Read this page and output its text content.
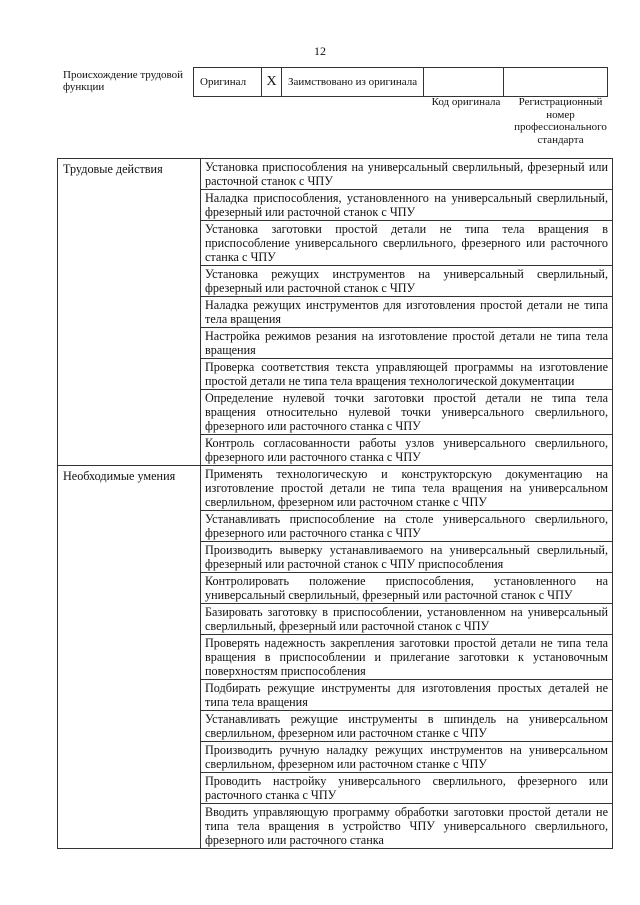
12
Происхождение трудовой функции	Оригинал	X	Заимствовано из оригинала		
Код оригинала	Регистрационный номер профессионального стандарта
Трудовые действия	Установка приспособления на универсальный сверлильный, фрезерный или расточной станок с ЧПУ
	Наладка приспособления, установленного на универсальный сверлильный, фрезерный или расточной станок с ЧПУ
	Установка заготовки простой детали не типа тела вращения в приспособление универсального сверлильного, фрезерного или расточного станка с ЧПУ
	Установка режущих инструментов на универсальный сверлильный, фрезерный или расточной станок с ЧПУ
	Наладка режущих инструментов для изготовления простой детали не типа тела вращения
	Настройка режимов резания на изготовление простой детали не типа тела вращения
	Проверка соответствия текста управляющей программы на изготовление простой детали не типа тела вращения технологической документации
	Определение нулевой точки заготовки простой детали не типа тела вращения относительно нулевой точки универсального сверлильного, фрезерного или расточного станка с ЧПУ
	Контроль согласованности работы узлов универсального сверлильного, фрезерного или расточного станка с ЧПУ
Необходимые умения	Применять технологическую и конструкторскую документацию на изготовление простой детали не типа тела вращения на универсальном сверлильном, фрезерном или расточном станке с ЧПУ
	Устанавливать приспособление на столе универсального сверлильного, фрезерного или расточного станка с ЧПУ
	Производить выверку устанавливаемого на универсальный сверлильный, фрезерный или расточной станок с ЧПУ приспособления
	Контролировать положение приспособления, установленного на универсальный сверлильный, фрезерный или расточной станок с ЧПУ
	Базировать заготовку в приспособлении, установленном на универсальный сверлильный, фрезерный или расточной станок с ЧПУ
	Проверять надежность закрепления заготовки простой детали не типа тела вращения в приспособлении и прилегание заготовки к установочным поверхностям приспособления
	Подбирать режущие инструменты для изготовления простых деталей не типа тела вращения
	Устанавливать режущие инструменты в шпиндель на универсальном сверлильном, фрезерном или расточном станке с ЧПУ
	Производить ручную наладку режущих инструментов на универсальном сверлильном, фрезерном или расточном станке с ЧПУ
	Проводить настройку универсального сверлильного, фрезерного или расточного станка с ЧПУ
	Вводить управляющую программу обработки заготовки простой детали не типа тела вращения в устройство ЧПУ универсального сверлильного, фрезерного или расточного станка
